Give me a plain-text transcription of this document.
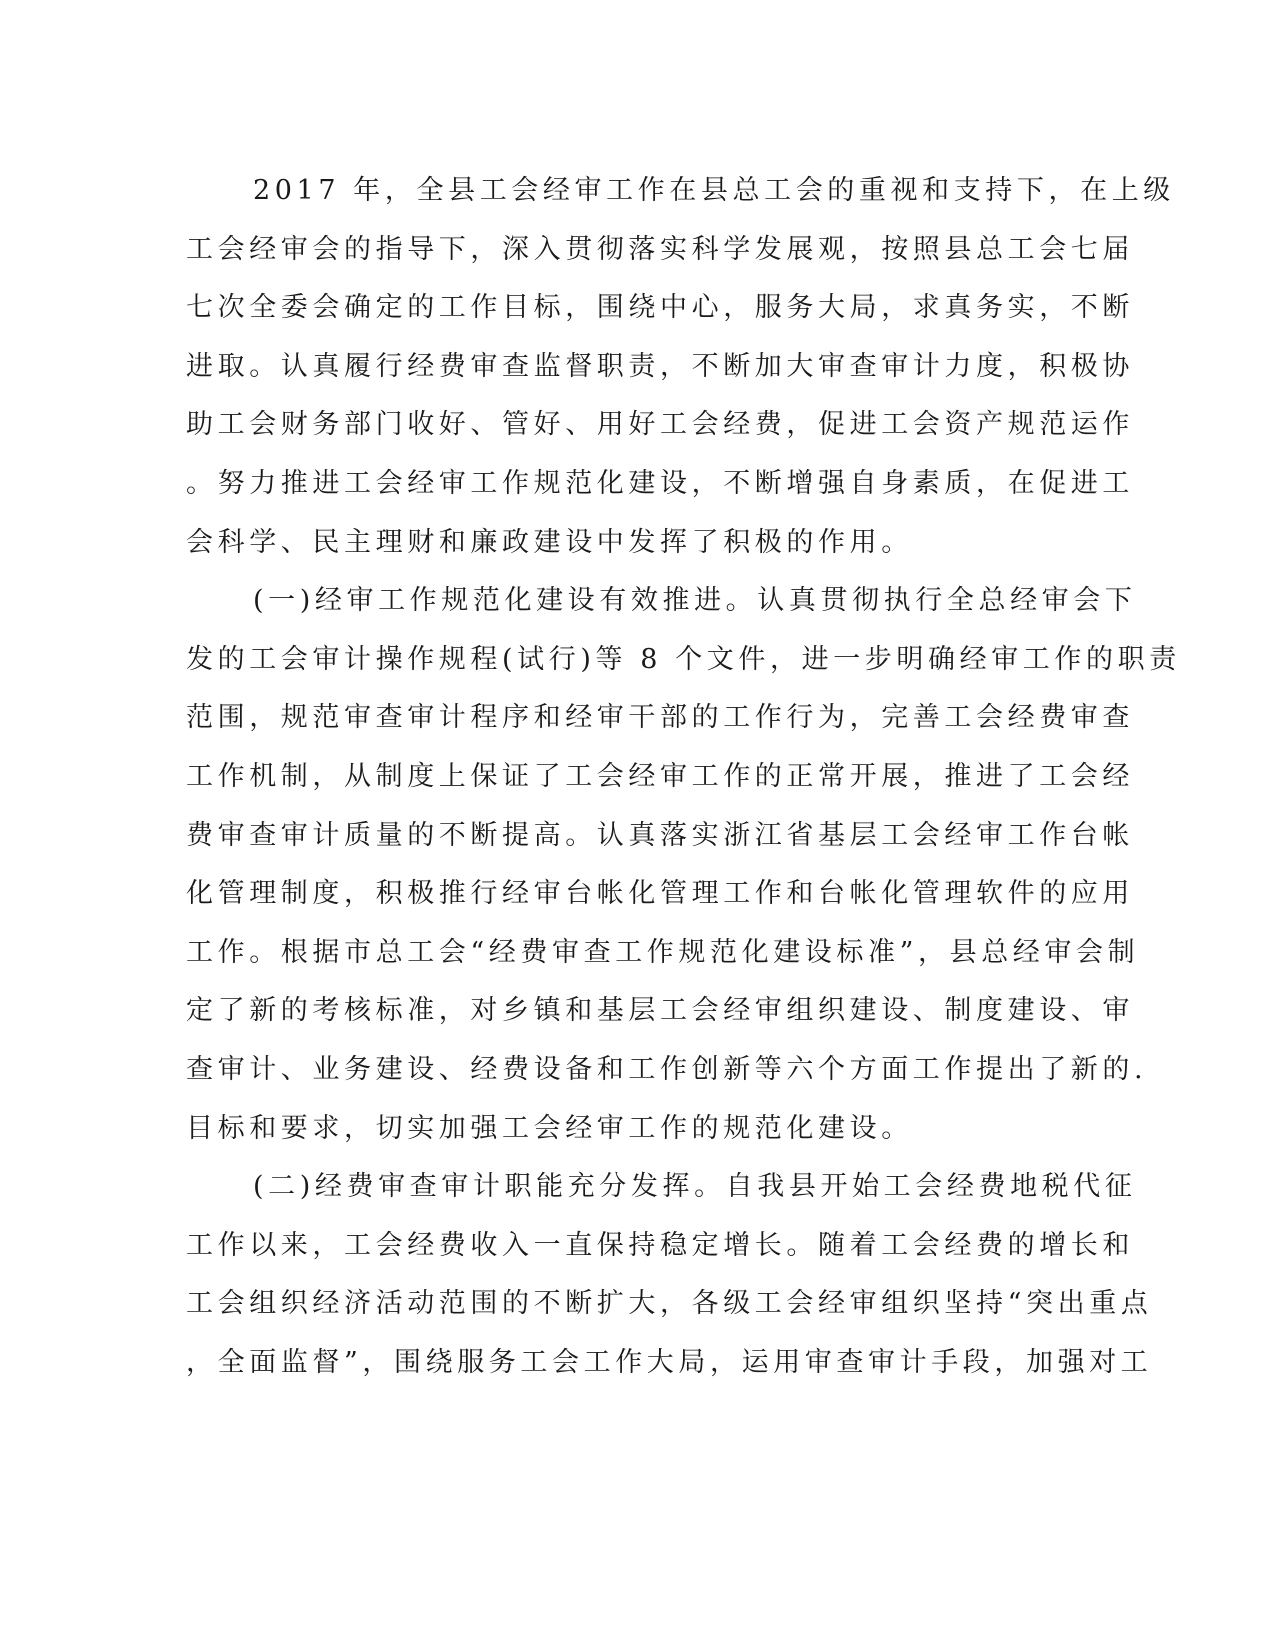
2017 年，全县工会经审工作在县总工会的重视和支持下，在上级
工会经审会的指导下，深入贯彻落实科学发展观，按照县总工会七届
七次全委会确定的工作目标，围绕中心，服务大局，求真务实，不断
进取。认真履行经费审查监督职责，不断加大审查审计力度，积极协
助工会财务部门收好、管好、用好工会经费，促进工会资产规范运作
。努力推进工会经审工作规范化建设，不断增强自身素质，在促进工
会科学、民主理财和廉政建设中发挥了积极的作用。
(一)经审工作规范化建设有效推进。认真贯彻执行全总经审会下
发的工会审计操作规程(试行)等 8 个文件，进一步明确经审工作的职责
范围，规范审查审计程序和经审干部的工作行为，完善工会经费审查
工作机制，从制度上保证了工会经审工作的正常开展，推进了工会经
费审查审计质量的不断提高。认真落实浙江省基层工会经审工作台帐
化管理制度，积极推行经审台帐化管理工作和台帐化管理软件的应用
工作。根据市总工会“经费审查工作规范化建设标准”，县总经审会制
定了新的考核标准，对乡镇和基层工会经审组织建设、制度建设、审
查审计、业务建设、经费设备和工作创新等六个方面工作提出了新的.
目标和要求，切实加强工会经审工作的规范化建设。
(二)经费审查审计职能充分发挥。自我县开始工会经费地税代征
工作以来，工会经费收入一直保持稳定增长。随着工会经费的增长和
工会组织经济活动范围的不断扩大，各级工会经审组织坚持“突出重点
，全面监督”，围绕服务工会工作大局，运用审查审计手段，加强对工
